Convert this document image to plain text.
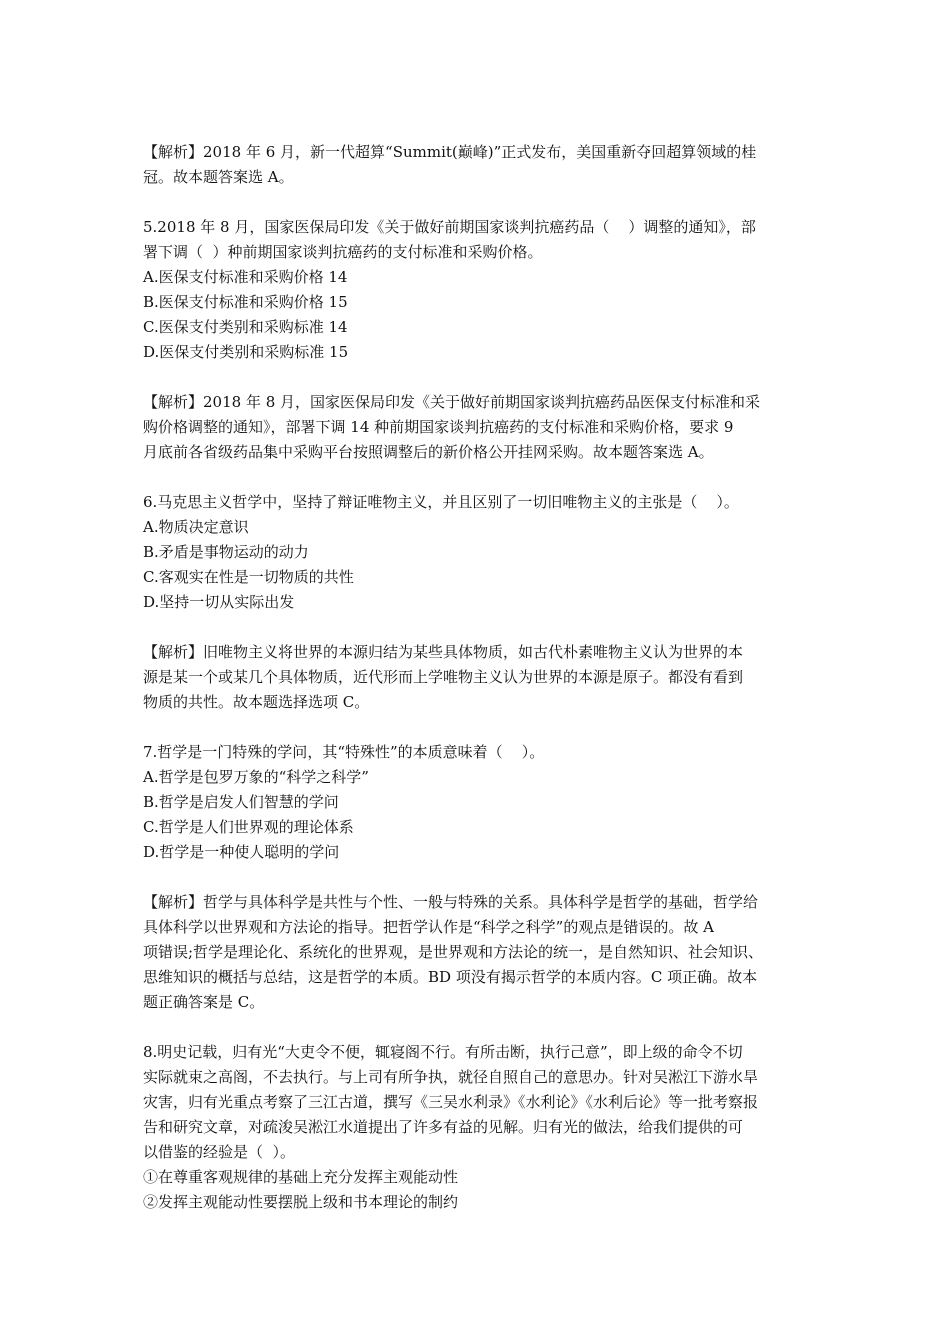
【解析】2018 年 6 月，新一代超算“Summit(巅峰)”正式发布，美国重新夺回超算领域的桂
冠。故本题答案选 A。
5.2018 年 8 月，国家医保局印发《关于做好前期国家谈判抗癌药品（    ）调整的通知》，部
署下调（  ）种前期国家谈判抗癌药的支付标准和采购价格。
A.医保支付标准和采购价格 14
B.医保支付标准和采购价格 15
C.医保支付类别和采购标准 14
D.医保支付类别和采购标准 15
【解析】2018 年 8 月，国家医保局印发《关于做好前期国家谈判抗癌药品医保支付标准和采
购价格调整的通知》，部署下调 14 种前期国家谈判抗癌药的支付标准和采购价格，要求 9
月底前各省级药品集中采购平台按照调整后的新价格公开挂网采购。故本题答案选 A。
6.马克思主义哲学中，坚持了辩证唯物主义，并且区别了一切旧唯物主义的主张是（    ）。
A.物质决定意识
B.矛盾是事物运动的动力
C.客观实在性是一切物质的共性
D.坚持一切从实际出发
【解析】旧唯物主义将世界的本源归结为某些具体物质，如古代朴素唯物主义认为世界的本
源是某一个或某几个具体物质，近代形而上学唯物主义认为世界的本源是原子。都没有看到
物质的共性。故本题选择选项 C。
7.哲学是一门特殊的学问，其“特殊性”的本质意味着（    ）。
A.哲学是包罗万象的“科学之科学”
B.哲学是启发人们智慧的学问
C.哲学是人们世界观的理论体系
D.哲学是一种使人聪明的学问
【解析】哲学与具体科学是共性与个性、一般与特殊的关系。具体科学是哲学的基础，哲学给
具体科学以世界观和方法论的指导。把哲学认作是“科学之科学”的观点是错误的。故 A
项错误;哲学是理论化、系统化的世界观，是世界观和方法论的统一，是自然知识、社会知识、
思维知识的概括与总结，这是哲学的本质。BD 项没有揭示哲学的本质内容。C 项正确。故本
题正确答案是 C。
8.明史记载，归有光“大吏令不便，辄寝阁不行。有所击断，执行己意”，即上级的命令不切
实际就束之高阁，不去执行。与上司有所争执，就径自照自己的意思办。针对吴淞江下游水旱
灾害，归有光重点考察了三江古道，撰写《三吴水利录》《水利论》《水利后论》等一批考察报
告和研究文章，对疏浚吴淞江水道提出了许多有益的见解。归有光的做法，给我们提供的可
以借鉴的经验是（  ）。
①在尊重客观规律的基础上充分发挥主观能动性
②发挥主观能动性要摆脱上级和书本理论的制约
